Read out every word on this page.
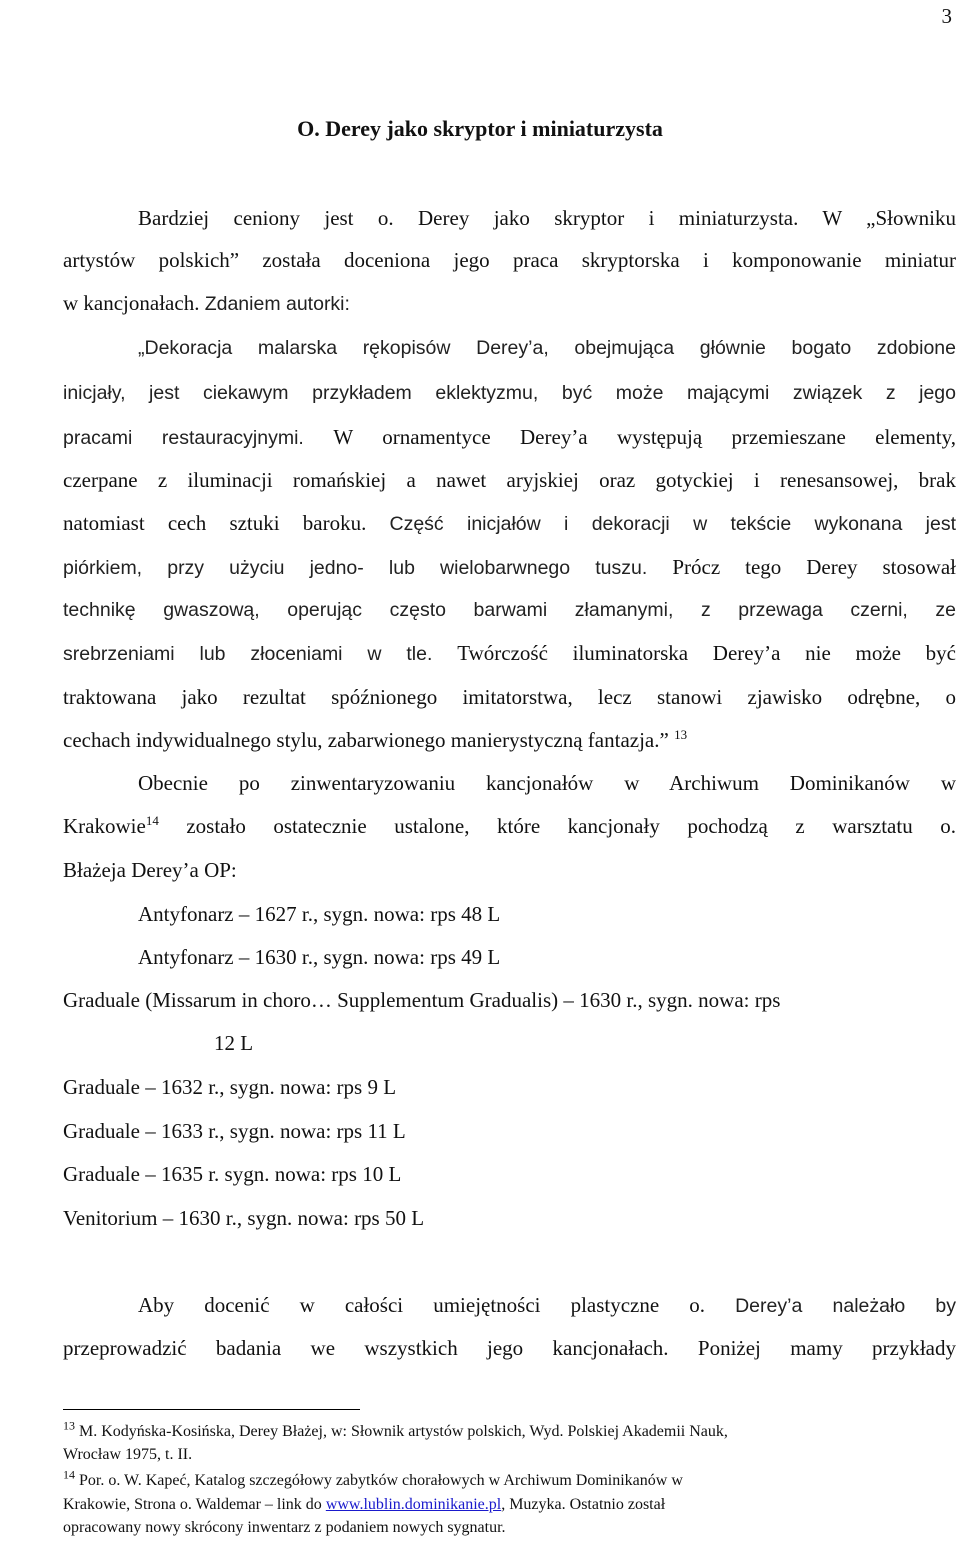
3
O. Derey jako skryptor i miniaturzysta
Bardziej ceniony jest o. Derey jako skryptor i miniaturzysta. W „Słowniku
artystów polskich” została doceniona jego praca skryptorska i komponowanie miniatur
w kancjonałach. Zdaniem autorki:
„Dekoracja malarska rękopisów Derey’a, obejmująca głównie bogato zdobione
inicjały, jest ciekawym przykładem eklektyzmu, być może mającymi związek z jego
pracami restauracyjnymi. W ornamentyce Derey’a występują przemieszane elementy,
czerpane z iluminacji romańskiej a nawet aryjskiej oraz gotyckiej i renesansowej, brak
natomiast cech sztuki baroku. Część inicjałów i dekoracji w tekście wykonana jest
piórkiem, przy użyciu jedno- lub wielobarwnego tuszu. Prócz tego Derey stosował
technikę gwaszową, operując często barwami złamanymi, z przewaga czerni, ze
srebrzeniami lub złoceniami w tle. Twórczość iluminatorska Derey’a nie może być
traktowana jako rezultat spóźnionego imitatorstwa, lecz stanowi zjawisko odrębne, o
cechach indywidualnego stylu, zabarwionego manierystyczną fantazja.” $^{13}$
Obecnie po zinwentaryzowaniu kancjonałów w Archiwum Dominikanów w
Krakowie$^{14}$ zostało ostatecznie ustalone, które kancjonały pochodzą z warsztatu o.
Błażeja Derey’a OP:
Antyfonarz – 1627 r., sygn. nowa: rps 48 L
Antyfonarz – 1630 r., sygn. nowa: rps 49 L
Graduale (Missarum in choro… Supplementum Gradualis) – 1630 r., sygn. nowa: rps
12 L
Graduale – 1632 r., sygn. nowa: rps 9 L
Graduale – 1633 r., sygn. nowa: rps 11 L
Graduale – 1635 r. sygn. nowa: rps 10 L
Venitorium – 1630 r., sygn. nowa: rps 50 L
Aby docenić w całości umiejętności plastyczne o. Derey’a należało by
przeprowadzić badania we wszystkich jego kancjonałach. Poniżej mamy przykłady
$^{13}$ M. Kodyńska-Kosińska, Derey Błażej, w: Słownik artystów polskich, Wyd. Polskiej Akademii Nauk,
Wrocław 1975, t. II.
$^{14}$ Por. o. W. Kapeć, Katalog szczegółowy zabytków chorałowych w Archiwum Dominikanów w
Krakowie, Strona o. Waldemar – link do www.lublin.dominikanie.pl, Muzyka. Ostatnio został
opracowany nowy skrócony inwentarz z podaniem nowych sygnatur.
